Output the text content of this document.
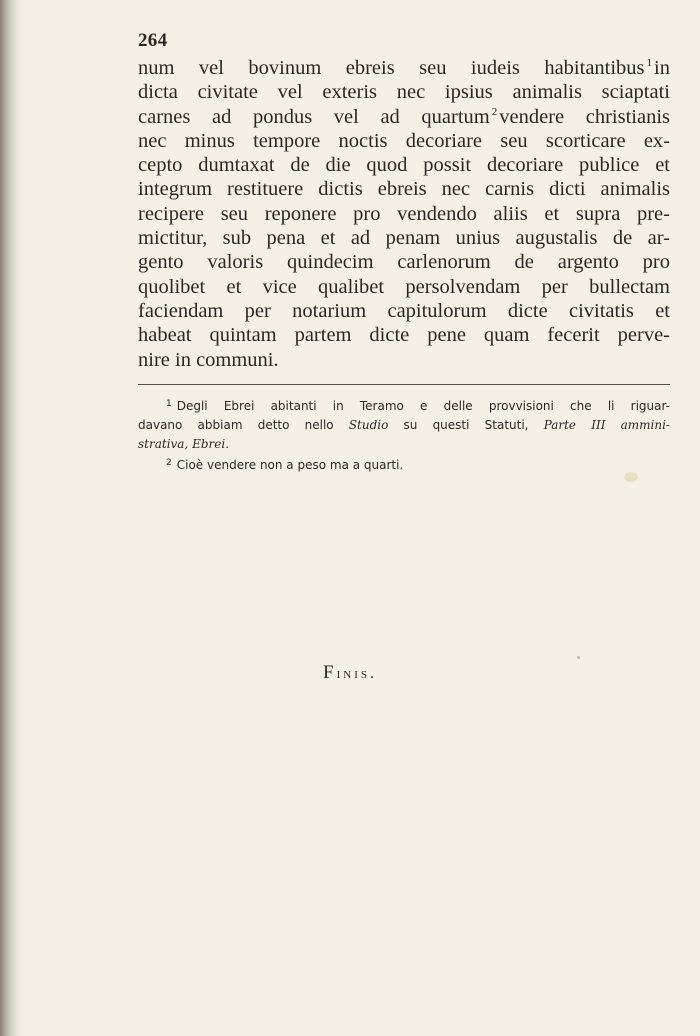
264
num vel bovinum ebreis seu iudeis habitantibus $^1$in
dicta civitate vel exteris nec ipsius animalis sciaptati
carnes ad pondus vel ad quartum $^2$vendere christianis
nec minus tempore noctis decoriare seu scorticare ex-
cepto dumtaxat de die quod possit decoriare publice et
integrum restituere dictis ebreis nec carnis dicti animalis
recipere seu reponere pro vendendo aliis et supra pre-
mictitur, sub pena et ad penam unius augustalis de ar-
gento valoris quindecim carlenorum de argento pro
quolibet et vice qualibet persolvendam per bullectam
faciendam per notarium capitulorum dicte civitatis et
habeat quintam partem dicte pene quam fecerit perve-
nire in communi.
$^1$ Degli Ebrei abitanti in Teramo e delle provvisioni che li riguar-
davano abbiam detto nello Studio su questi Statuti, Parte III ammini-
strativa, Ebrei.
$^2$ Cioè vendere non a peso ma a quarti.
Finis.
